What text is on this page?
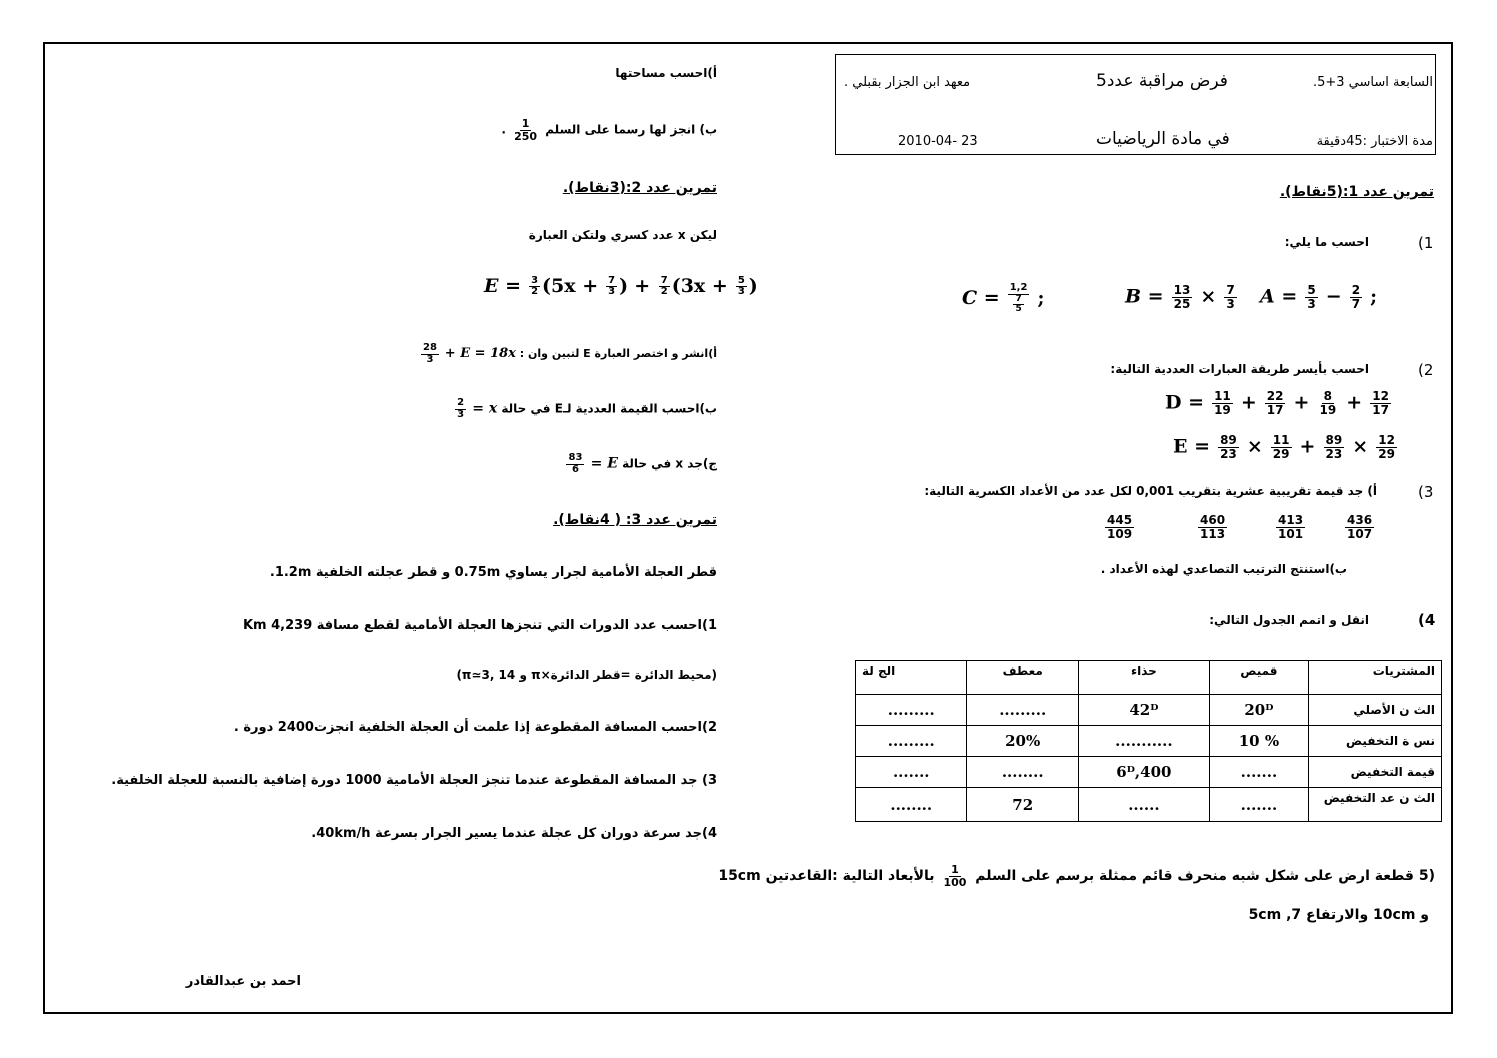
السابعة اساسي 3+5.
فرض مراقبة عدد5
معهد ابن الجزار بقبلي .
مدة الاختبار :45دقيقة
في مادة الرياضيات
2010-04- 23
تمرين عدد 1:(5نقاط).
(1
احسب ما يلي:
$C = \frac{1,2}{\frac{7}{5}}$ ;	$B = \frac{13}{25} \times \frac{7}{3}$ $A = \frac{5}{3} - \frac{2}{7}$ ;
(2
احسب بأيسر طريقة العبارات العددية التالية:
$D = \frac{11}{19} + \frac{22}{17} + \frac{8}{19} + \frac{12}{17}$
$E = \frac{89}{23} \times \frac{11}{29} + \frac{89}{23} \times \frac{12}{29}$
(3
أ) جد قيمة تقريبية عشرية بتقريب 0,001 لكل عدد من الأعداد الكسرية التالية:
$\frac{445}{109}$	$\frac{460}{113}$	$\frac{413}{101}$	$\frac{436}{107}$
ب)استنتج الترتيب التصاعدي لهذه الأعداد .
(4
انقل و اتمم الجدول التالي:
الج لة	معطف	حذاء	قميص	المشتريات
.........	.........	42ᴰ	20ᴰ	الث ن الأصلي
.........	20%	...........	10 %	نس ة التخفيض
.......	........	6ᴰ,400	.......	قيمة التخفيض
........	72	......	.......	الث ن عد التخفيض
(5 قطعة ارض على شكل شبه منحرف قائم ممثلة برسم على السلم
$\frac{1}{100}$
بالأبعاد التالية :القاعدتين 15cm
و 10cm والارتفاع 7, 5cm
أ)احسب مساحتها
ب) انجز لها رسما على السلم
$\frac{1}{250}$
.
تمرين عدد 2:(3نقاط).
ليكن x عدد كسري ولتكن العبارة
$E = \frac{3}{2} (5x + \frac{7}{3}$ ) + $\frac{7}{2} (3x + \frac{5}{3}$ )
أ)انشر و اختصر العبارة E لتبين وان : E = 18x +
$\frac{28}{3}$
ب)احسب القيمة العددية لـE في حالة x =
$\frac{2}{3}$
ج)جد x في حالة E =
$\frac{83}{6}$
تمرين عدد 3: ( 4نقاط).
قطر العجلة الأمامية لجرار يساوي 0.75m و قطر عجلته الخلفية 1.2m.
1)احسب عدد الدورات التي تنجزها العجلة الأمامية لقطع مسافة 4,239 Km
(محيط الدائرة =قطر الدائرة×π و π≃3, 14)
2)احسب المسافة المقطوعة إذا علمت أن العجلة الخلفية انجزت2400 دورة .
3) جد المسافة المقطوعة عندما تنجز العجلة الأمامية 1000 دورة إضافية بالنسبة للعجلة الخلفية.
4)جد سرعة دوران كل عجلة عندما يسير الجرار بسرعة 40km/h.
احمد بن عبدالقادر
